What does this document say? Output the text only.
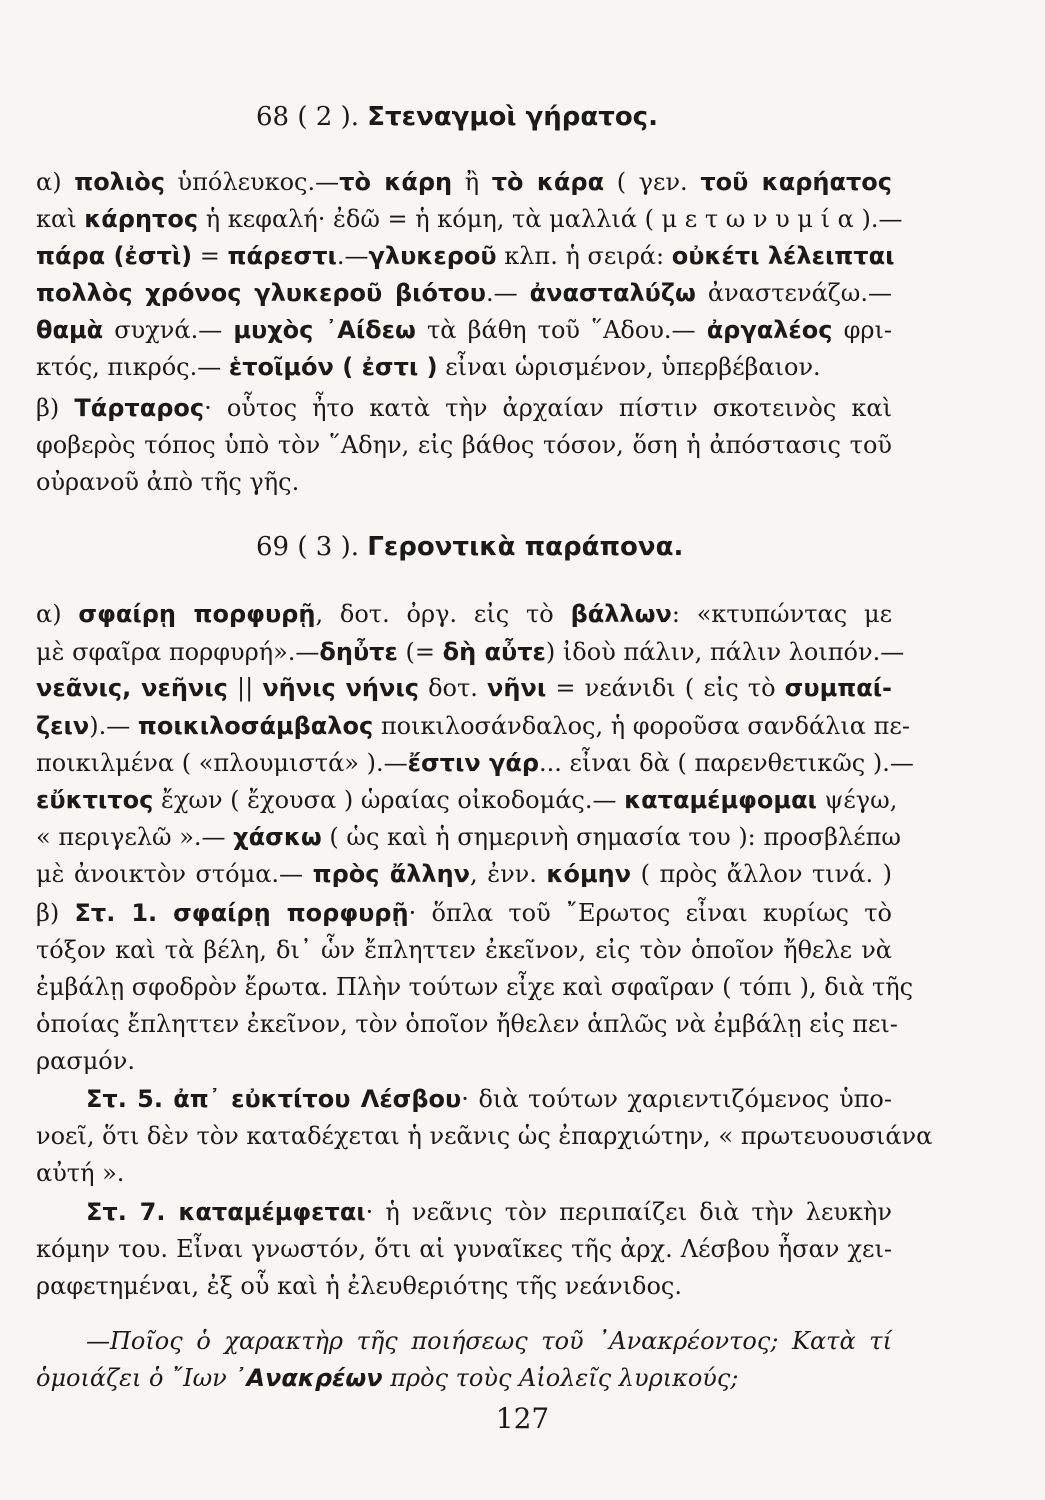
68 ( 2 ). Στεναγμοὶ γήρατος.
α) πολιὸς ὑπόλευκος.—τὸ κάρη ἢ τὸ κάρα ( γεν. τοῦ καρήατος
καὶ κάρητος ἡ κεφαλή· ἐδῶ = ἡ κόμη, τὰ μαλλιά ( μ ε τ ω ν υ μ ί α ).—
πάρα (ἐστὶ) = πάρεστι.—γλυκεροῦ κλπ. ἡ σειρά: οὐκέτι λέλειπται
πολλὸς χρόνος γλυκεροῦ βιότου.— ἀνασταλύζω ἀναστενάζω.—
θαμὰ συχνά.— μυχὸς ᾿Αίδεω τὰ βάθη τοῦ ῞Αδου.— ἀργαλέος φρι-
κτός, πικρός.— ἑτοῖμόν ( ἐστι ) εἶναι ὡρισμένον, ὑπερβέβαιον.
β) Τάρταρος· οὗτος ἦτο κατὰ τὴν ἀρχαίαν πίστιν σκοτεινὸς καὶ
φοβερὸς τόπος ὑπὸ τὸν ῞Αδην, εἰς βάθος τόσον, ὅση ἡ ἀπόστασις τοῦ
οὐρανοῦ ἀπὸ τῆς γῆς.
69 ( 3 ). Γεροντικὰ παράπονα.
α) σφαίρῃ πορφυρῇ, δοτ. ὀργ. εἰς τὸ βάλλων: «κτυπώντας με
μὲ σφαῖρα πορφυρή».—δηὖτε (= δὴ αὖτε) ἰδοὺ πάλιν, πάλιν λοιπόν.—
νεᾶνις, νεῆνις || νῆνις νήνις δοτ. νῆνι = νεάνιδι ( εἰς τὸ συμπαί-
ζειν).— ποικιλοσάμβαλος ποικιλοσάνδαλος, ἡ φοροῦσα σανδάλια πε-
ποικιλμένα ( «πλουμιστά» ).—ἔστιν γάρ... εἶναι δὰ ( παρενθετικῶς ).—
εὔκτιτος ἔχων ( ἔχουσα ) ὡραίας οἰκοδομάς.— καταμέμφομαι ψέγω,
« περιγελῶ ».— χάσκω ( ὡς καὶ ἡ σημερινὴ σημασία του ): προσβλέπω
μὲ ἀνοικτὸν στόμα.— πρὸς ἄλλην, ἐνν. κόμην ( πρὸς ἄλλον τινά. )
β) Στ. 1. σφαίρῃ πορφυρῇ· ὅπλα τοῦ ῎Ερωτος εἶναι κυρίως τὸ
τόξον καὶ τὰ βέλη, δι᾿ ὧν ἔπληττεν ἐκεῖνον, εἰς τὸν ὁποῖον ἤθελε νὰ
ἐμβάλῃ σφοδρὸν ἔρωτα. Πλὴν τούτων εἶχε καὶ σφαῖραν ( τόπι ), διὰ τῆς
ὁποίας ἔπληττεν ἐκεῖνον, τὸν ὁποῖον ἤθελεν ἁπλῶς νὰ ἐμβάλῃ εἰς πει-
ρασμόν.
Στ. 5. ἀπ᾿ εὐκτίτου Λέσβου· διὰ τούτων χαριεντιζόμενος ὑπο-
νοεῖ, ὅτι δὲν τὸν καταδέχεται ἡ νεᾶνις ὡς ἐπαρχιώτην, « πρωτευουσιάνα
αὐτή ».
Στ. 7. καταμέμφεται· ἡ νεᾶνις τὸν περιπαίζει διὰ τὴν λευκὴν
κόμην του. Εἶναι γνωστόν, ὅτι αἱ γυναῖκες τῆς ἀρχ. Λέσβου ἦσαν χει-
ραφετημέναι, ἐξ οὗ καὶ ἡ ἐλευθεριότης τῆς νεάνιδος.
—Ποῖος ὁ χαρακτὴρ τῆς ποιήσεως τοῦ ᾿Ανακρέοντος; Κατὰ τί
ὁμοιάζει ὁ ῎Ιων ᾿Ανακρέων πρὸς τοὺς Αἰολεῖς λυρικούς;
127
